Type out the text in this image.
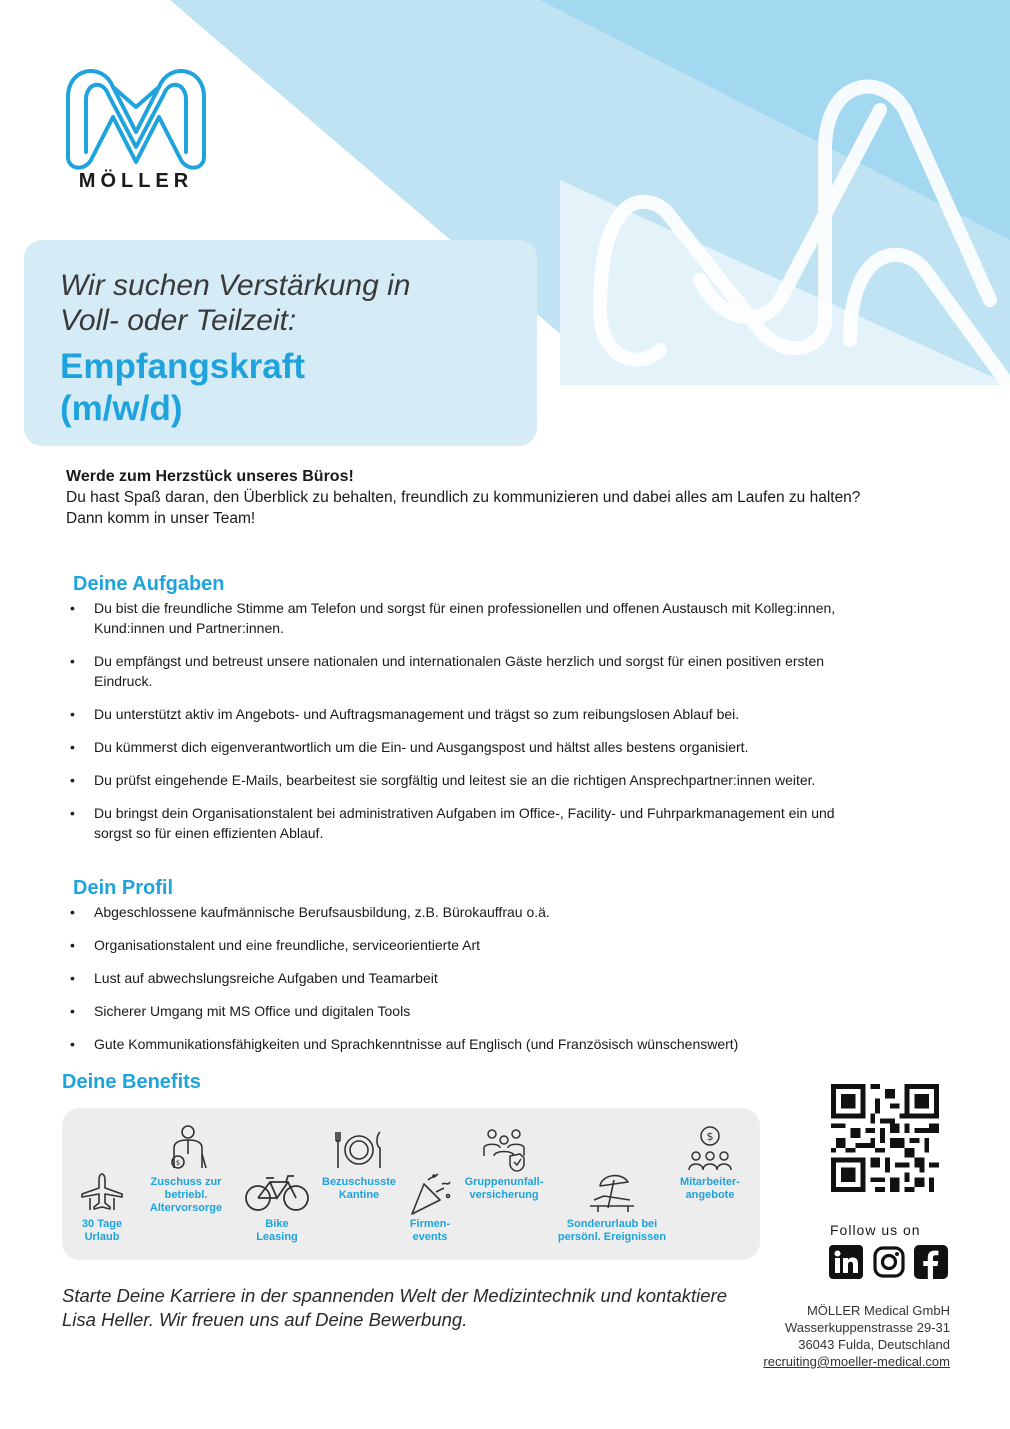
MÖLLER
Wir suchen Verstärkung in
Voll- oder Teilzeit:
Empfangskraft
(m/w/d)
Werde zum Herzstück unseres Büros!
Du hast Spaß daran, den Überblick zu behalten, freundlich zu kommunizieren und dabei alles am Laufen zu halten? Dann komm in unser Team!
Deine Aufgaben
• Du bist die freundliche Stimme am Telefon und sorgst für einen professionellen und offenen Austausch mit Kolleg:innen, Kund:innen und Partner:innen.
• Du empfängst und betreust unsere nationalen und internationalen Gäste herzlich und sorgst für einen positiven ersten Eindruck.
• Du unterstützt aktiv im Angebots- und Auftragsmanagement und trägst so zum reibungslosen Ablauf bei.
• Du kümmerst dich eigenverantwortlich um die Ein- und Ausgangspost und hältst alles bestens organisiert.
• Du prüfst eingehende E-Mails, bearbeitest sie sorgfältig und leitest sie an die richtigen Ansprechpartner:innen weiter.
• Du bringst dein Organisationstalent bei administrativen Aufgaben im Office-, Facility- und Fuhrparkmanagement ein und sorgst so für einen effizienten Ablauf.
Dein Profil
• Abgeschlossene kaufmännische Berufsausbildung, z.B. Bürokauffrau o.ä.
• Organisationstalent und eine freundliche, serviceorientierte Art
• Lust auf abwechslungsreiche Aufgaben und Teamarbeit
• Sicherer Umgang mit MS Office und digitalen Tools
• Gute Kommunikationsfähigkeiten und Sprachkenntnisse auf Englisch (und Französisch wünschenswert)
Deine Benefits
30 Tage
Urlaub
$
Zuschuss zur
betriebl.
Altervorsorge
Bike
Leasing
Bezuschusste
Kantine
Firmen-
events
Gruppenunfall-
versicherung
Sonderurlaub bei
persönl. Ereignissen
$
Mitarbeiter-
angebote
Follow us on
Starte Deine Karriere in der spannenden Welt der Medizintechnik und kontaktiere Lisa Heller. Wir freuen uns auf Deine Bewerbung.	MÖLLER Medical GmbH
Wasserkuppenstrasse 29-31
36043 Fulda, Deutschland
recruiting@moeller-medical.com
